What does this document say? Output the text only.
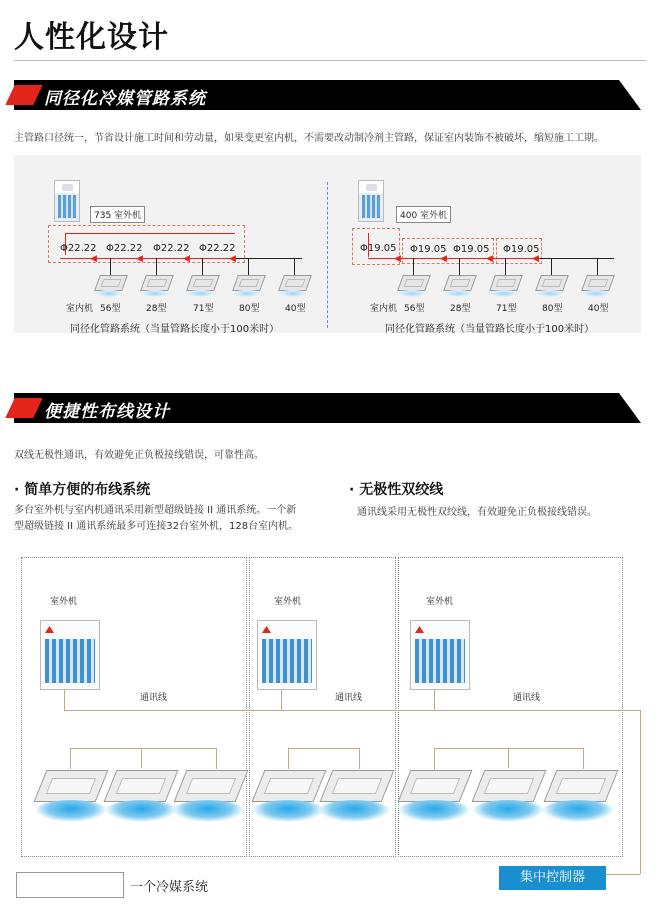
人性化设计
同径化冷媒管路系统
主管路口径统一，节省设计施工时间和劳动量，如果变更室内机，不需要改动制冷剂主管路，保证室内装饰不被破坏，缩短施工工期。
735 室外机
Φ22.22 Φ22.22 Φ22.22 Φ22.22
◀	◀	◀	◀
室内机 56型	28型	71型	80型	40型
同径化管路系统（当量管路长度小于100米时）
400 室外机
Φ19.05 Φ19.05 Φ19.05 Φ19.05
◀	◀	◀	◀
室内机 56型	28型	71型	80型	40型
同径化管路系统（当量管路长度小于100米时）
便捷性布线设计
双线无极性通讯，有效避免正负极接线错误，可靠性高。
· 简单方便的布线系统
多台室外机与室内机通讯采用新型超级链接 II 通讯系统。一个新型超级链接 II 通讯系统最多可连接32台室外机，128台室内机。
· 无极性双绞线
通讯线采用无极性双绞线，有效避免正负极接线错误。
室外机	室外机	室外机
通讯线	通讯线	通讯线
一个冷媒系统
集中控制器
